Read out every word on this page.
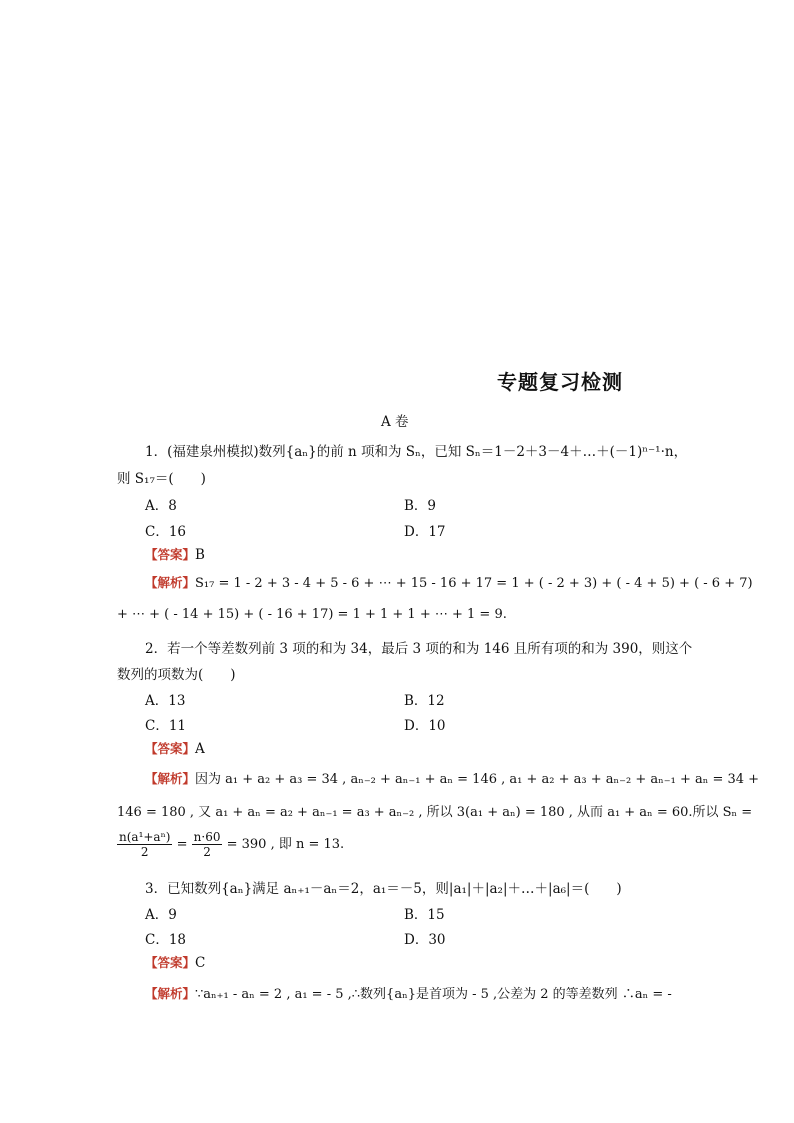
专题复习检测
A 卷
1．(福建泉州模拟)数列{aₙ}的前 n 项和为 Sₙ，已知 Sₙ＝1－2＋3－4＋…＋(－1)ⁿ⁻¹·n，
则 S₁₇＝(　　)
A．8	B．9
C．16	D．17
【答案】B
【解析】S₁₇ = 1 - 2 + 3 - 4 + 5 - 6 + ⋯ + 15 - 16 + 17 = 1 + ( - 2 + 3) + ( - 4 + 5) + ( - 6 + 7)
+ ⋯ + ( - 14 + 15) + ( - 16 + 17) = 1 + 1 + 1 + ⋯ + 1 = 9.
2．若一个等差数列前 3 项的和为 34，最后 3 项的和为 146 且所有项的和为 390，则这个
数列的项数为(　　)
A．13	B．12
C．11	D．10
【答案】A
【解析】因为 a₁ + a₂ + a₃ = 34 , aₙ₋₂ + aₙ₋₁ + aₙ = 146 , a₁ + a₂ + a₃ + aₙ₋₂ + aₙ₋₁ + aₙ = 34 +
146 = 180 , 又 a₁ + aₙ = a₂ + aₙ₋₁ = a₃ + aₙ₋₂ , 所以 3(a₁ + aₙ) = 180 , 从而 a₁ + aₙ = 60.所以 Sₙ =
$\frac{\text{n(a¹+aⁿ)}}{2} = \frac{n\cdot 60}{2} = 390$ , 即 n = 13.
3．已知数列{aₙ}满足 aₙ₊₁－aₙ＝2，a₁＝－5，则|a₁|＋|a₂|＋…＋|a₆|＝(　　)
A．9	B．15
C．18	D．30
【答案】C
【解析】∵aₙ₊₁ - aₙ = 2 , a₁ = - 5 ,∴数列{aₙ}是首项为 - 5 ,公差为 2 的等差数列 ∴aₙ = -
